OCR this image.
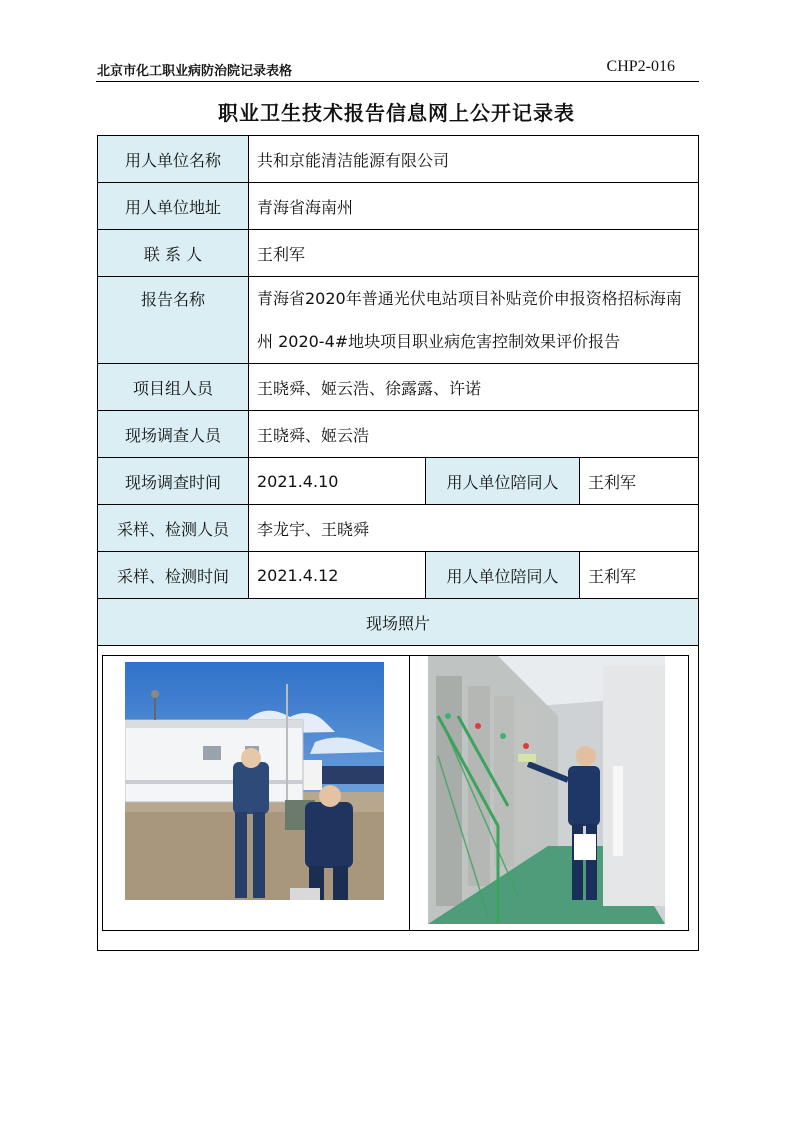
北京市化工职业病防治院记录表格	CHP2-016
职业卫生技术报告信息网上公开记录表
用人单位名称	共和京能清洁能源有限公司		
用人单位地址	青海省海南州		
联 系 人	王利军		
报告名称	青海省2020年普通光伏电站项目补贴竞价申报资格招标海南州 2020-4#地块项目职业病危害控制效果评价报告		
项目组人员	王晓舜、姬云浩、徐露露、许诺		
现场调查人员	王晓舜、姬云浩		
现场调查时间	2021.4.10	用人单位陪同人	王利军
采样、检测人员	李龙宇、王晓舜		
采样、检测时间	2021.4.12	用人单位陪同人	王利军
现场照片			
